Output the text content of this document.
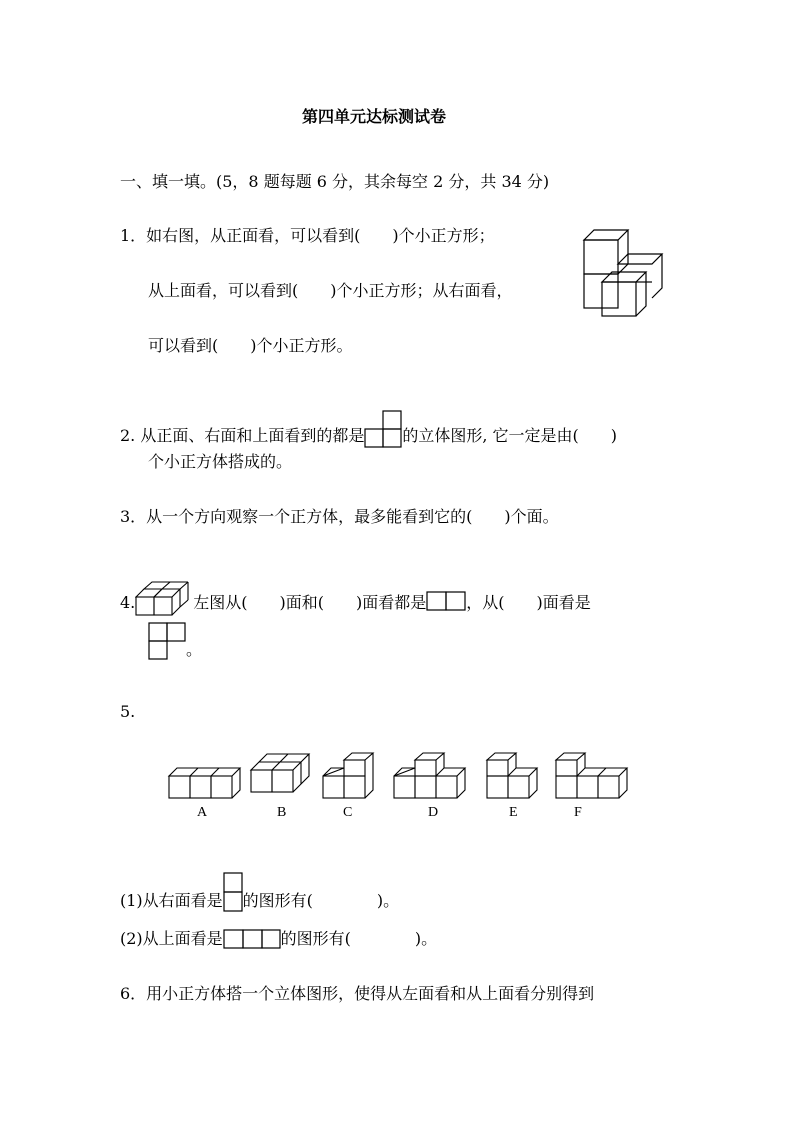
第四单元达标测试卷
一、填一填。(5，8 题每题 6 分，其余每空 2 分，共 34 分)
1．如右图，从正面看，可以看到(　　)个小正方形；
从上面看，可以看到(　　)个小正方形；从右面看，
可以看到(　　)个小正方形。
2. 从正面、右面和上面看到的都是 的立体图形, 它一定是由(　　)
个小正方体搭成的。
3．从一个方向观察一个正方体，最多能看到它的(　　)个面。
4.	左图从(　　)面和(　　)面看都是	，从(　　)面看是
。
5.
A	B	C	D	E	F
(1)从右面看是 的图形有(　　　　)。
(2)从上面看是	的图形有(　　　　)。
6．用小正方体搭一个立体图形，使得从左面看和从上面看分别得到
